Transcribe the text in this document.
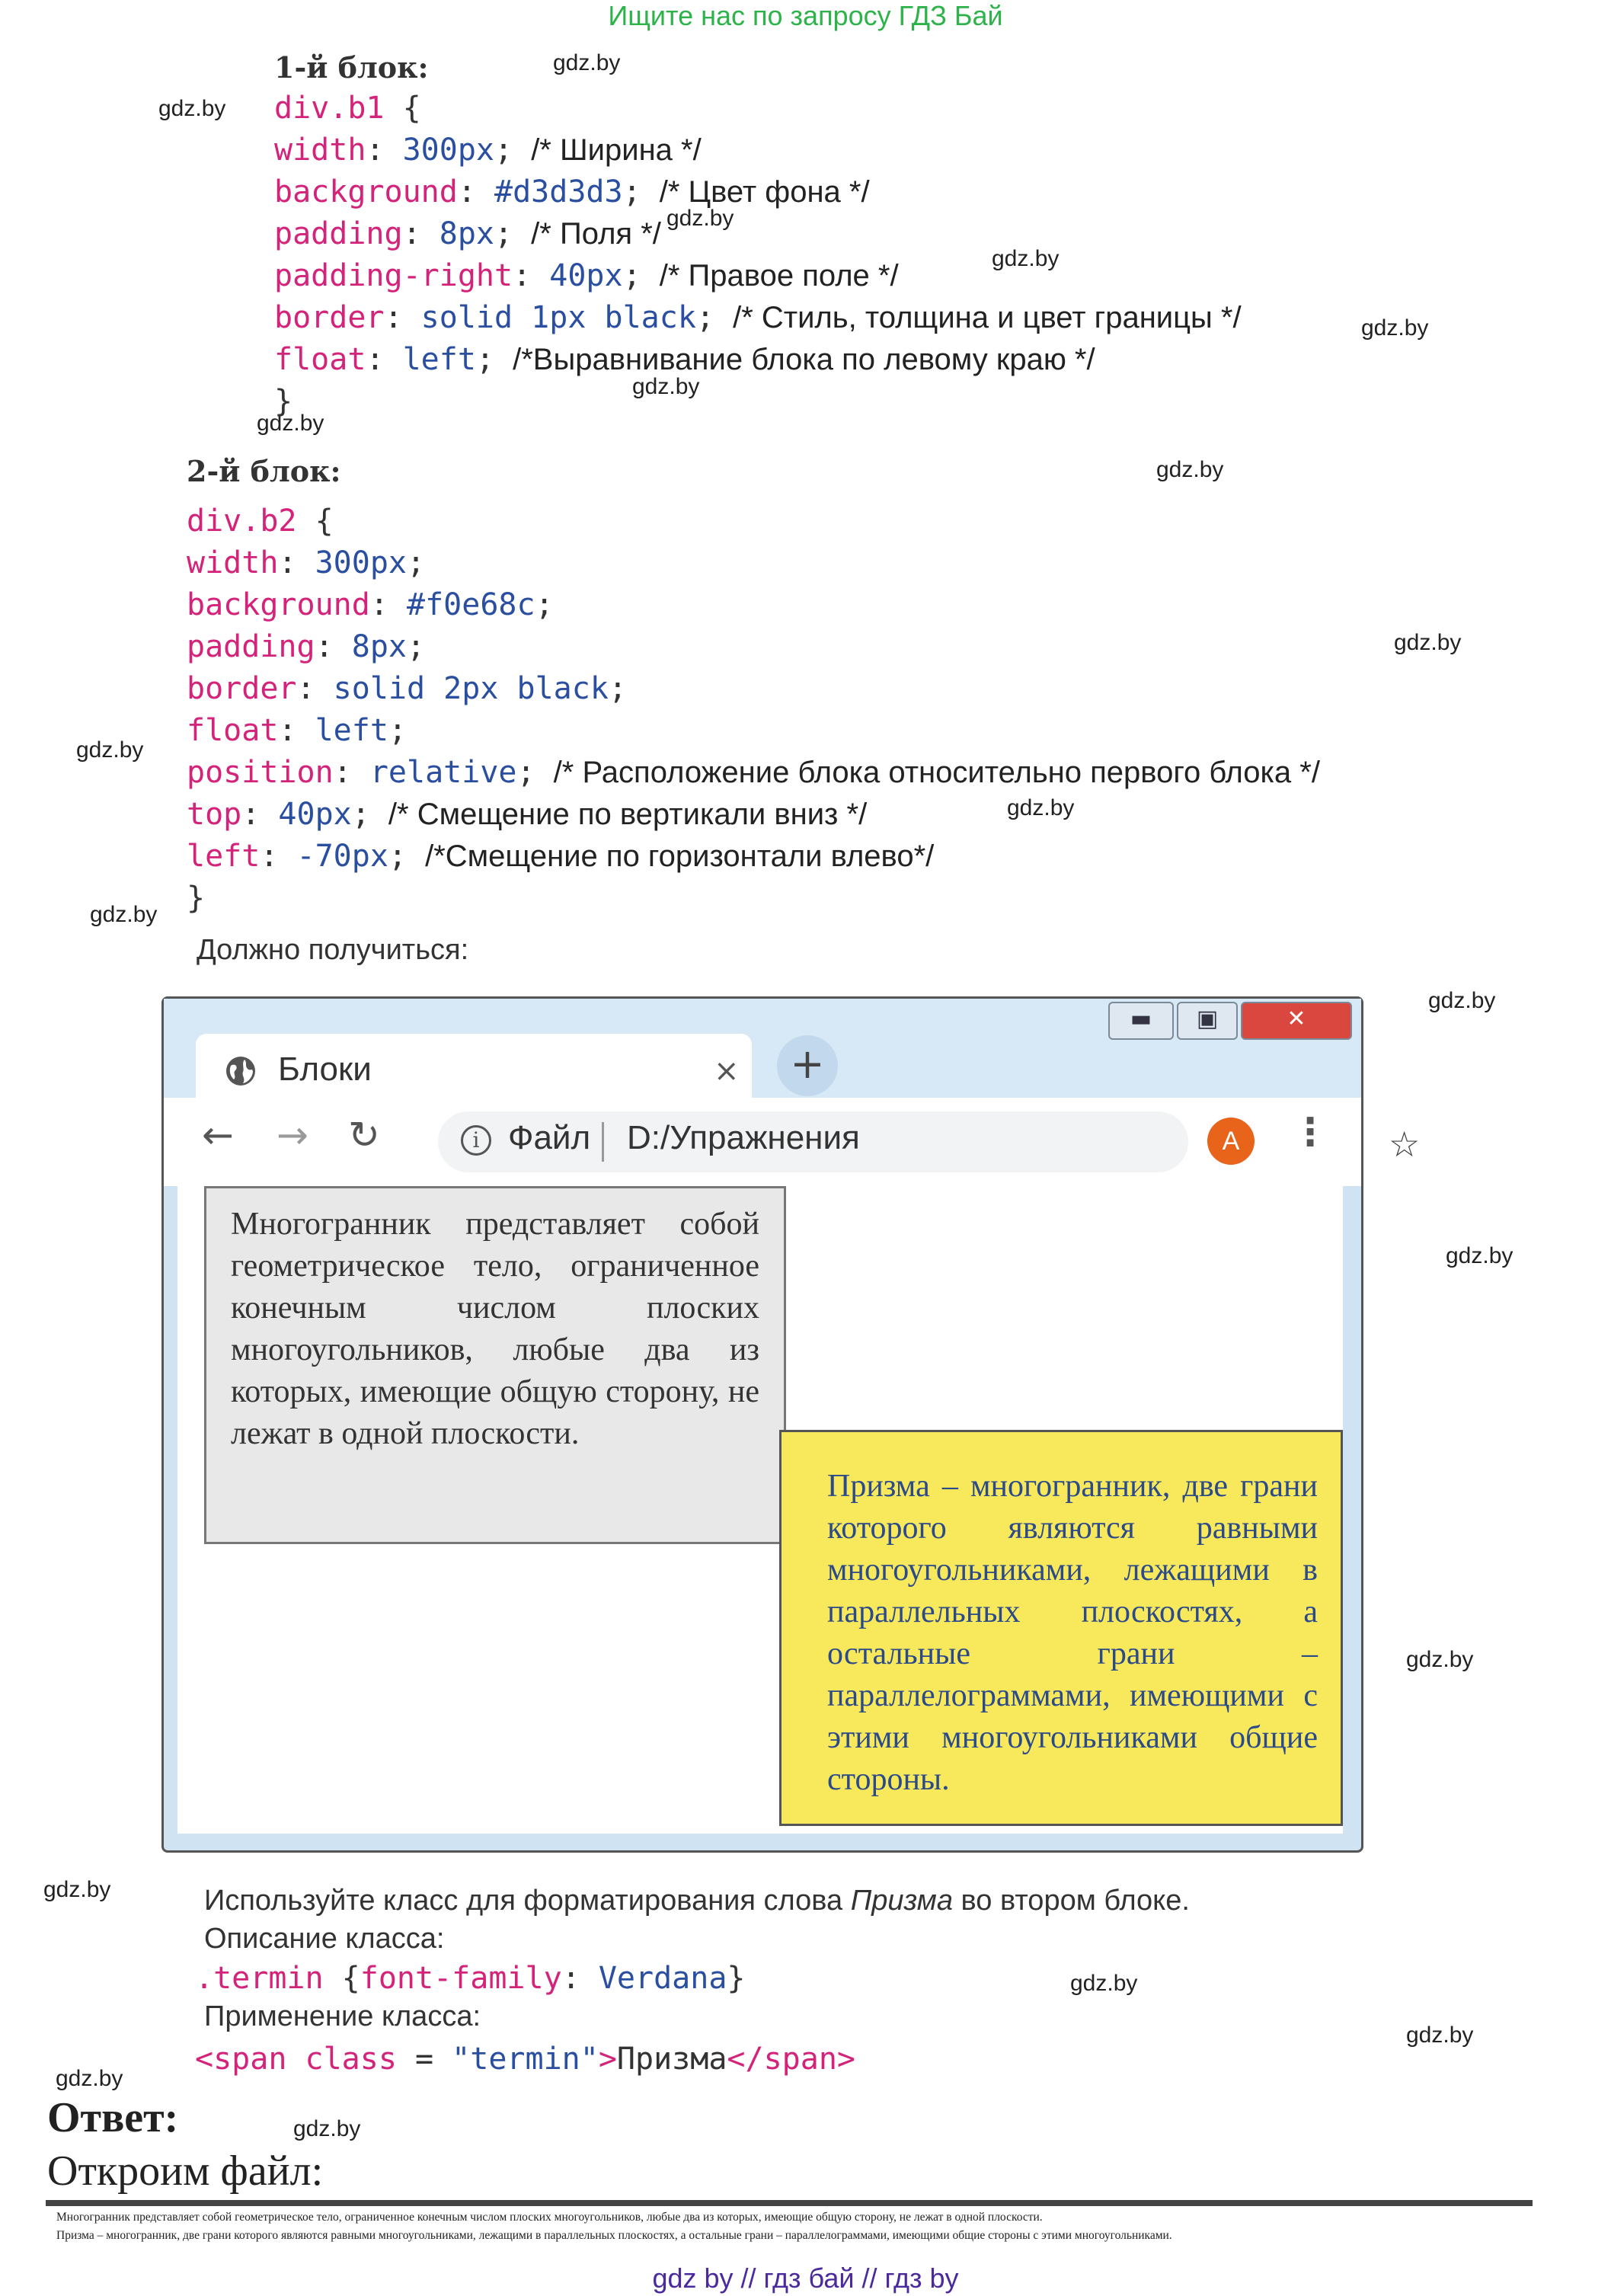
Ищите нас по запросу ГДЗ Бай
gdz.by
gdz.by
gdz.by
gdz.by
gdz.by
gdz.by
gdz.by
gdz.by
gdz.by
gdz.by
gdz.by
gdz.by
gdz.by
gdz.by
gdz.by
gdz.by
gdz.by
gdz.by
gdz.by
gdz.by
1-й блок:
div.b1 {
width: 300px; /* Ширина */
background: #d3d3d3; /* Цвет фона */
padding: 8px; /* Поля */
padding-right: 40px; /* Правое поле */
border: solid 1px black; /* Стиль, толщина и цвет границы */
float: left; /*Выравнивание блока по левому краю */
}
2-й блок:
div.b2 {
width: 300px;
background: #f0e68c;
padding: 8px;
border: solid 2px black;
float: left;
position: relative; /* Расположение блока относительно первого блока */
top: 40px; /* Смещение по вертикали вниз */
left: -70px; /*Смещение по горизонтали влево*/
}
Должно получиться:
Блоки	×	+
▬	▣	✕
← → ↻	i Файл D:/Упражнения	☆
A	⋮
Многогранник представляет собой геометрическое тело, ограниченное конечным числом плоских многоугольников, любые два из которых, имеющие общую сторону, не лежат в одной плоскости.
Призма – многогранник, две грани которого являются равными многоугольниками, лежащими в параллельных плоскостях, а остальные грани – параллелограммами, имеющими с этими многоугольниками общие стороны.
Используйте класс для форматирования слова Призма во втором блоке.
Описание класса:
.termin {font-family: Verdana}
Применение класса:
<span class = "termin">Призма</span>
Ответ:
Откроим файл:
Многогранник представляет собой геометрическое тело, ограниченное конечным числом плоских многоугольников, любые два из которых, имеющие общую сторону, не лежат в одной плоскости.
Призма – многогранник, две грани которого являются равными многоугольниками, лежащими в параллельных плоскостях, а остальные грани – параллелограммами, имеющими общие стороны с этими многоугольниками.
gdz by // гдз бай // гдз by
